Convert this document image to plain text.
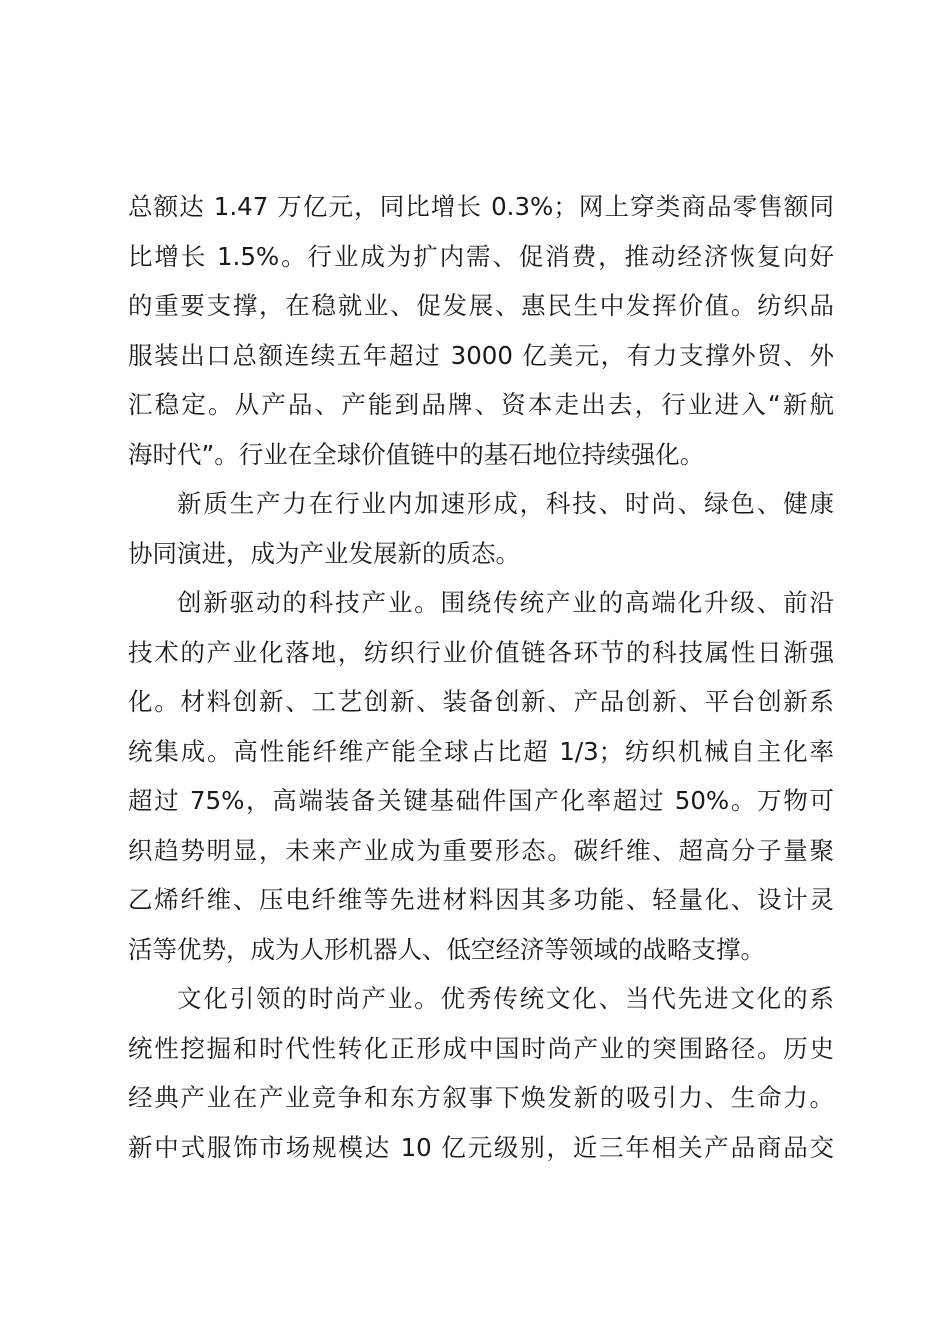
总额达 1.47 万亿元，同比增长 0.3%；网上穿类商品零售额同
比增长 1.5%。行业成为扩内需、促消费，推动经济恢复向好
的重要支撑，在稳就业、促发展、惠民生中发挥价值。纺织品
服装出口总额连续五年超过 3000 亿美元，有力支撑外贸、外
汇稳定。从产品、产能到品牌、资本走出去，行业进入“新航
海时代”。行业在全球价值链中的基石地位持续强化。
新质生产力在行业内加速形成，科技、时尚、绿色、健康
协同演进，成为产业发展新的质态。
创新驱动的科技产业。围绕传统产业的高端化升级、前沿
技术的产业化落地，纺织行业价值链各环节的科技属性日渐强
化。材料创新、工艺创新、装备创新、产品创新、平台创新系
统集成。高性能纤维产能全球占比超 1/3；纺织机械自主化率
超过 75%，高端装备关键基础件国产化率超过 50%。万物可
织趋势明显，未来产业成为重要形态。碳纤维、超高分子量聚
乙烯纤维、压电纤维等先进材料因其多功能、轻量化、设计灵
活等优势，成为人形机器人、低空经济等领域的战略支撑。
文化引领的时尚产业。优秀传统文化、当代先进文化的系
统性挖掘和时代性转化正形成中国时尚产业的突围路径。历史
经典产业在产业竞争和东方叙事下焕发新的吸引力、生命力。
新中式服饰市场规模达 10 亿元级别，近三年相关产品商品交
